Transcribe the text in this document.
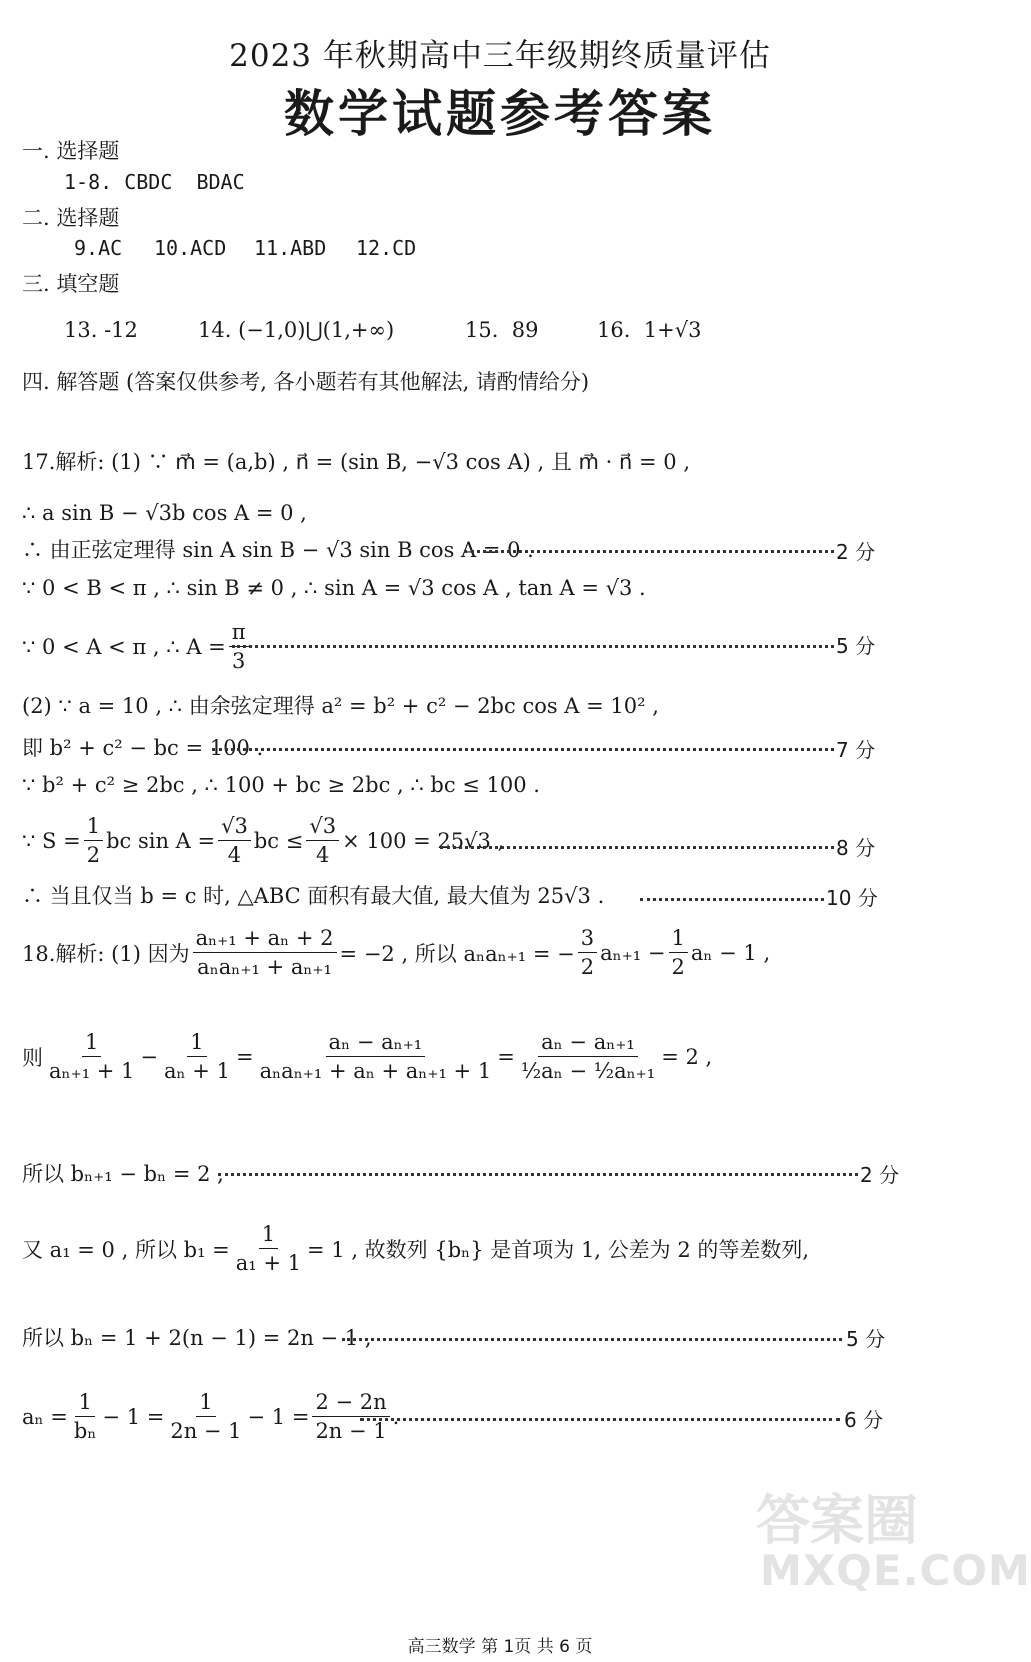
2023 年秋期高中三年级期终质量评估
数学试题参考答案
一. 选择题
1-8. CBDC  BDAC
二. 选择题
9.AC 10.ACD 11.ABD 12.CD
三. 填空题
13. -12	14. (−1,0)⋃(1,+∞)	15.  89	16.  1+√3
四. 解答题 (答案仅供参考, 各小题若有其他解法, 请酌情给分)
17.解析: (1) ∵ m⃗ = (a,b) , n⃗ = (sin B, −√3 cos A) , 且 m⃗ · n⃗ = 0 ,
∴ a sin B − √3b cos A = 0 ,
∴ 由正弦定理得 sin A sin B − √3 sin B cos A = 0 .	2 分
∵ 0 < B < π , ∴ sin B ≠ 0 , ∴ sin A = √3 cos A , tan A = √3 .
∵ 0 < A < π , ∴ $A = \frac{\pi}{3}$	5 分
(2) ∵ a = 10 , ∴ 由余弦定理得 a² = b² + c² − 2bc cos A = 10² ,
即 b² + c² − bc = 100 .	7 分
∵ b² + c² ≥ 2bc , ∴ 100 + bc ≥ 2bc , ∴ bc ≤ 100 .
∵ $S = \frac{1}{2}$ bc $\sin A = \frac{√3}{4}$ bc ≤ $\frac{√3}{4} \times 100 = 25√3$ ,	8 分
∴ 当且仅当 b = c 时, △ABC 面积有最大值, 最大值为 25√3 .	10 分
18.解析: (1) 因为 $\frac{\text{aₙ₊₁ + aₙ + 2}}{\text{aₙaₙ₊₁ + aₙ₊₁}} = -2$ , 所以 aₙaₙ₊₁ = − $\frac{3}{2} a_{n+1} - \frac{1}{2}$ aₙ − 1 ,
则 $\frac{1}{\text{aₙ₊₁ + 1}} - \frac{1}{\text{aₙ + 1}} = \frac{\text{aₙ − aₙ₊₁}}{\text{aₙaₙ₊₁ + aₙ + aₙ₊₁ + 1}} = \frac{\text{aₙ − aₙ₊₁}}{\text{½aₙ − ½aₙ₊₁}} = 2$ ,
所以 bₙ₊₁ − bₙ = 2 ,	2 分
又 a₁ = 0 , 所以 $b_1 = \frac{1}{\text{a₁ + 1}} = 1$ , 故数列 {bₙ} 是首项为 1, 公差为 2 的等差数列,
所以 bₙ = 1 + 2(n − 1) = 2n − 1 ,	5 分
$a_n = \frac{1}{\text{bₙ}} - 1 = \frac{1}{2n - 1} - 1 = \frac{2 - 2n}{2n - 1}$ .	6 分
答案圈
MXQE.COM
高三数学 第 1页 共 6 页
